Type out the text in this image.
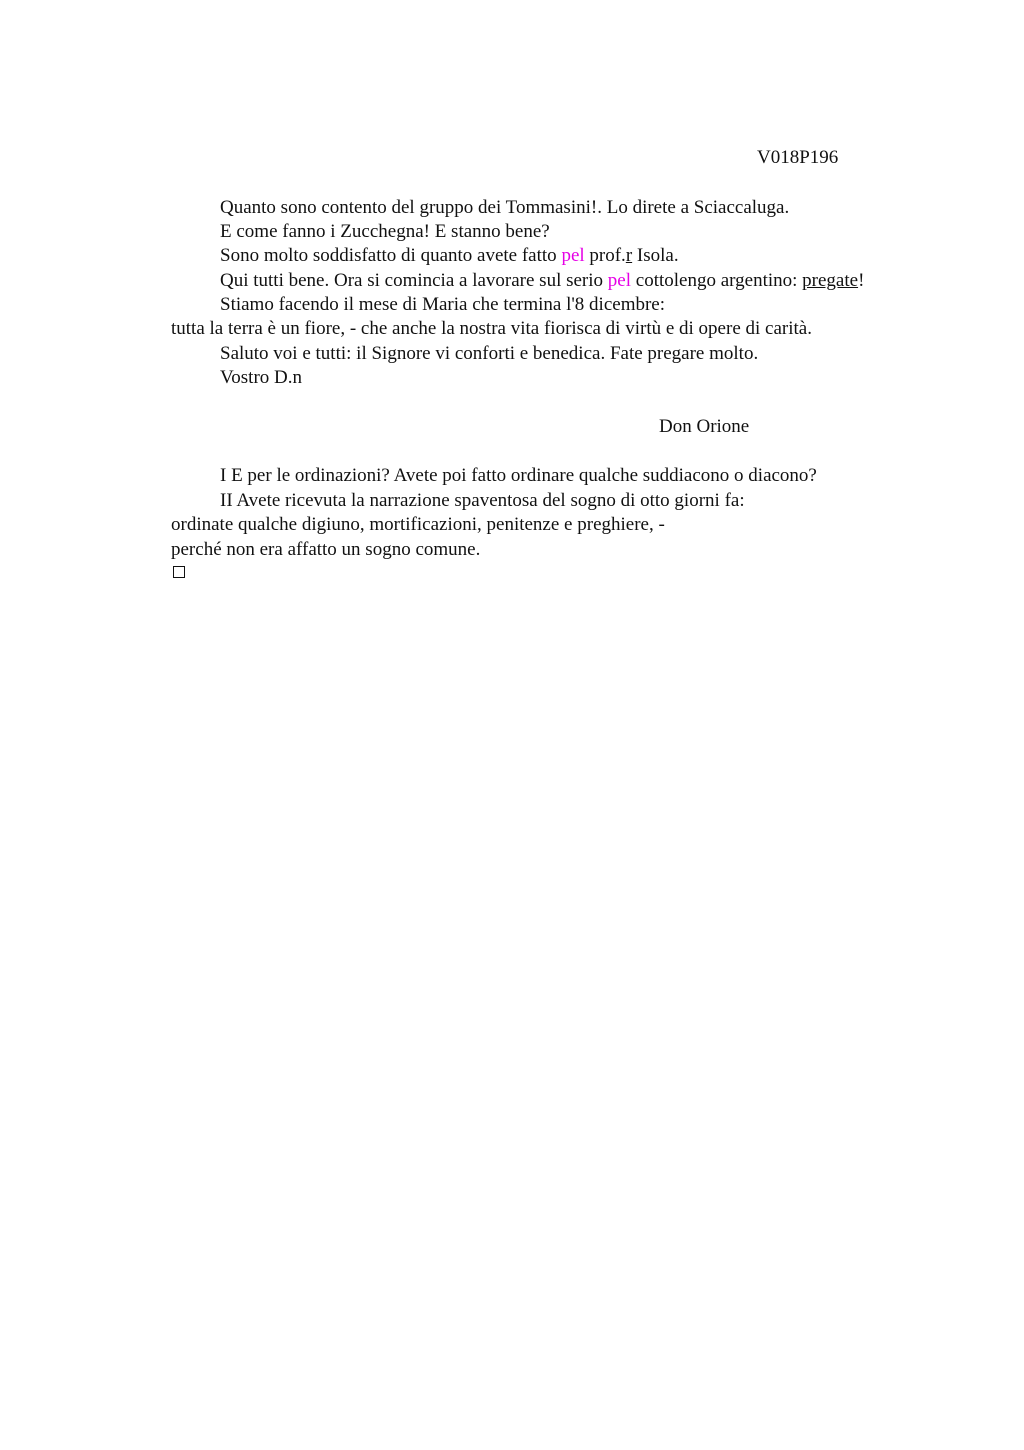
V018P196
Quanto sono contento del gruppo dei Tommasini!. Lo direte a Sciaccaluga.
E come fanno i Zucchegna! E stanno bene?
Sono molto soddisfatto di quanto avete fatto pel prof.r Isola.
Qui tutti bene. Ora si comincia a lavorare sul serio pel cottolengo argentino: pregate!
Stiamo facendo il mese di Maria che termina l'8 dicembre:
tutta la terra è un fiore, - che anche la nostra vita fiorisca di virtù e di opere di carità.
Saluto voi e tutti: il Signore vi conforti e benedica. Fate pregare molto.
Vostro D.n
Don Orione
I E per le ordinazioni? Avete poi fatto ordinare qualche suddiacono o diacono?
II Avete ricevuta la narrazione spaventosa del sogno di otto giorni fa:
ordinate qualche digiuno, mortificazioni, penitenze e preghiere, -
perché non era affatto un sogno comune.
